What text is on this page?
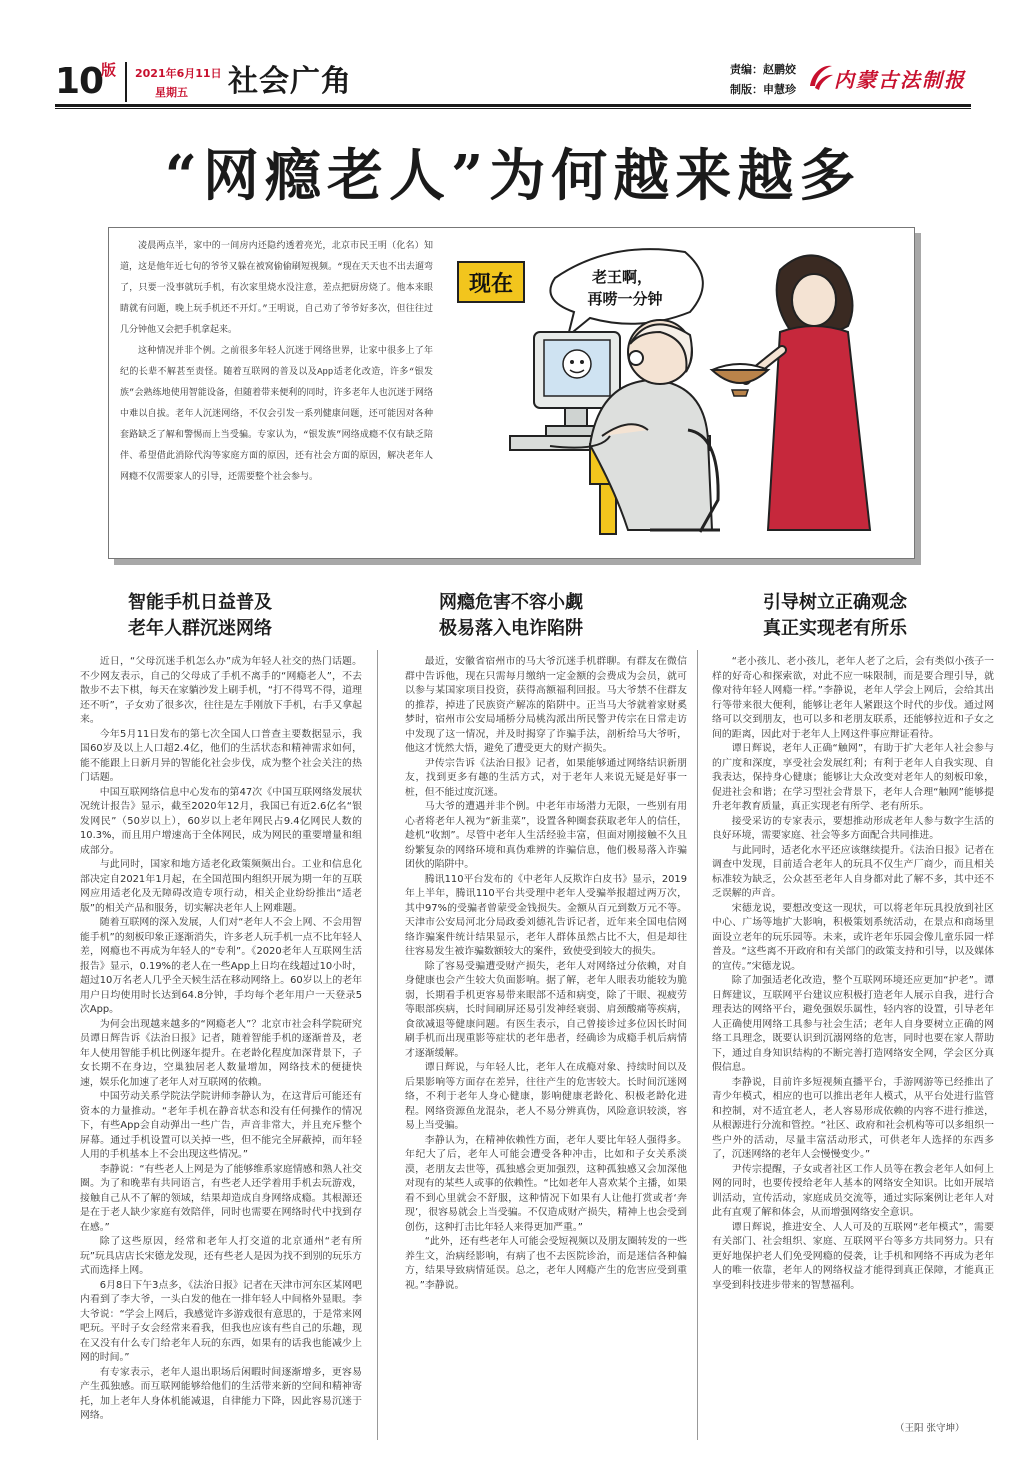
10
版 2021年6月11日
星期五 社会广角	责编：赵鹏姣
制版：申慧珍 内蒙古法制报
“网瘾老人”为何越来越多

凌晨两点半，家中的一间房内还隐约透着亮光，北京市民王明（化名）知道，这是他年近七旬的爷爷又躲在被窝偷偷刷短视频。“现在天天也不出去遛弯了，只要一没事就玩手机，有次家里烧水没注意，差点把厨房烧了。他本来眼睛就有问题，晚上玩手机还不开灯。”王明说，自己劝了爷爷好多次，但往往过几分钟他又会把手机拿起来。

这种情况并非个例。之前很多年轻人沉迷于网络世界，让家中很多上了年纪的长辈不解甚至责怪。随着互联网的普及以及App适老化改造，许多“银发族”会熟练地使用智能设备，但随着带来便利的同时，许多老年人也沉迷于网络中难以自拔。老年人沉迷网络，不仅会引发一系列健康问题，还可能因对各种套路缺乏了解和警惕而上当受骗。专家认为，“银发族”网络成瘾不仅有缺乏陪伴、希望借此消除代沟等家庭方面的原因，还有社会方面的原因，解决老年人网瘾不仅需要家人的引导，还需要整个社会参与。

现在	老王啊，
再唠一分钟
智能手机日益普及
老年人群沉迷网络
网瘾危害不容小觑
极易落入电诈陷阱
引导树立正确观念
真正实现老有所乐

近日，“父母沉迷手机怎么办”成为年轻人社交的热门话题。不少网友表示，自己的父母成了手机不离手的“网瘾老人”，不去散步不去下棋，每天在家躺沙发上刷手机，“打不得骂不得，道理还不听”，子女劝了很多次，往往是左手刚放下手机，右手又拿起来。

今年5月11日发布的第七次全国人口普查主要数据显示，我国60岁及以上人口超2.4亿，他们的生活状态和精神需求如何，能不能跟上日新月异的智能化社会步伐，成为整个社会关注的热门话题。

中国互联网络信息中心发布的第47次《中国互联网络发展状况统计报告》显示，截至2020年12月，我国已有近2.6亿名“银发网民”（50岁以上），60岁以上老年网民占9.4亿网民人数的10.3%，而且用户增速高于全体网民，成为网民的重要增量和组成部分。

与此同时，国家和地方适老化政策频频出台。工业和信息化部决定自2021年1月起，在全国范围内组织开展为期一年的互联网应用适老化及无障碍改造专项行动，相关企业纷纷推出“适老版”的相关产品和服务，切实解决老年人上网难题。

随着互联网的深入发展，人们对“老年人不会上网、不会用智能手机”的刻板印象正逐渐消失，许多老人玩手机一点不比年轻人差，网瘾也不再成为年轻人的“专利”。《2020老年人互联网生活报告》显示，0.19%的老人在一些App上日均在线超过10小时，超过10万名老人几乎全天候生活在移动网络上。60岁以上的老年用户日均使用时长达到64.8分钟，手均每个老年用户一天登录5次App。

为何会出现越来越多的“网瘾老人”？北京市社会科学院研究员谭日辉告诉《法治日报》记者，随着智能手机的逐渐普及，老年人使用智能手机比例逐年提升。在老龄化程度加深背景下，子女长期不在身边，空巢独居老人数量增加，网络技术的便捷快速，娱乐化加速了老年人对互联网的依赖。

中国劳动关系学院法学院讲师李静认为，在这背后可能还有资本的力量推动。“老年手机在静音状态和没有任何操作的情况下，有些App会自动弹出一些广告，声音非常大，并且充斥整个屏幕。通过手机设置可以关掉一些，但不能完全屏蔽掉，而年轻人用的手机基本上不会出现这些情况。”

李静说：“有些老人上网是为了能够维系家庭情感和熟人社交圈。为了和晚辈有共同语言，有些老人还学着用手机去玩游戏，接触自己从不了解的领域，结果却造成自身网络成瘾。其根源还是在于老人缺少家庭有效陪伴，同时也需要在网络时代中找到存在感。”

除了这些原因，经常和老年人打交道的北京通州“老有所玩”玩具店店长宋德龙发现，还有些老人是因为找不到别的玩乐方式而选择上网。

6月8日下午3点多，《法治日报》记者在天津市河东区某网吧内看到了李大爷，一头白发的他在一排年轻人中间格外显眼。李大爷说：“学会上网后，我感觉许多游戏很有意思的，于是常来网吧玩。平时子女会经常来看我，但我也应该有些自己的乐趣，现在又没有什么专门给老年人玩的东西，如果有的话我也能减少上网的时间。”

有专家表示，老年人退出职场后闲暇时间逐渐增多，更容易产生孤独感。而互联网能够给他们的生活带来新的空间和精神寄托，加上老年人身体机能减退，自律能力下降，因此容易沉迷于网络。

最近，安徽省宿州市的马大爷沉迷手机群聊。有群友在微信群中告诉他，现在只需每月缴纳一定金额的会费成为会员，就可以参与某国家项目投资，获得高额福利回报。马大爷禁不住群友的推荐，掉进了民族资产解冻的陷阱中。正当马大爷就着家财奚梦时，宿州市公安局埇桥分局桃沟派出所民警尹传宗在日常走访中发现了这一情况，并及时揭穿了诈骗手法，剖析给马大爷听，他这才恍然大悟，避免了遭受更大的财产损失。

尹传宗告诉《法治日报》记者，如果能够通过网络结识新朋友，找到更多有趣的生活方式，对于老年人来说无疑是好事一桩，但不能过度沉迷。

马大爷的遭遇并非个例。中老年市场潜力无限，一些别有用心者将老年人视为“新韭菜”，设置各种圈套获取老年人的信任，趁机“收割”。尽管中老年人生活经验丰富，但面对刚接触不久且纷繁复杂的网络环境和真伪难辨的诈骗信息，他们极易落入诈骗团伙的陷阱中。

腾讯110平台发布的《中老年人反欺诈白皮书》显示，2019年上半年，腾讯110平台共受理中老年人受骗举报超过两万次，其中97%的受骗者曾蒙受金钱损失。金额从百元到数万元不等。天津市公安局河北分局政委刘德礼告诉记者，近年来全国电信网络诈骗案件统计结果显示，老年人群体虽然占比不大，但是却往往容易发生被诈骗数额较大的案件，致使受到较大的损失。

除了容易受骗遭受财产损失，老年人对网络过分依赖，对自身健康也会产生较大负面影响。据了解，老年人眼表功能较为脆弱，长期看手机更容易带来眼部不适和病变，除了干眼、视疲劳等眼部疾病，长时间刷屏还易引发神经衰弱、肩颈酸痛等疾病，食欲减退等健康问题。有医生表示，自己曾接诊过多位因长时间刷手机而出现重影等症状的老年患者，经确诊为成瘾手机后病情才逐渐缓解。

谭日辉说，与年轻人比，老年人在成瘾对象、持续时间以及后果影响等方面存在差异，往往产生的危害较大。长时间沉迷网络，不利于老年人身心健康，影响健康老龄化、积极老龄化进程。网络资源鱼龙混杂，老人不易分辨真伪，风险意识较淡，容易上当受骗。

李静认为，在精神依赖性方面，老年人要比年轻人强得多。年纪大了后，老年人可能会遭受各种冲击，比如和子女关系淡漠，老朋友去世等，孤独感会更加强烈，这种孤独感又会加深他对现有的某些人或事的依赖性。“比如老年人喜欢某个主播，如果看不到心里就会不舒服，这种情况下如果有人让他打赏或者‘奔现’，很容易就会上当受骗。不仅造成财产损失，精神上也会受到创伤，这种打击比年轻人来得更加严重。”

“此外，还有些老年人可能会受短视频以及朋友圈转发的一些养生文，治病经影响，有病了也不去医院诊治，而是迷信各种偏方，结果导致病情延误。总之，老年人网瘾产生的危害应受到重视。”李静说。

“老小孩儿、老小孩儿，老年人老了之后，会有类似小孩子一样的好奇心和探索欲，对此不应一味限制，而是要合理引导，就像对待年轻人网瘾一样。”李静说，老年人学会上网后，会给其出行等带来很大便利，能够让老年人紧跟这个时代的步伐。通过网络可以交到朋友，也可以多和老朋友联系，还能够拉近和子女之间的距离，因此对于老年人上网这件事应辩证看待。

谭日辉说，老年人正确“触网”，有助于扩大老年人社会参与的广度和深度，享受社会发展红利；有利于老年人自我实现、自我表达，保持身心健康；能够让大众改变对老年人的刻板印象，促进社会和谐；在学习型社会背景下，老年人合理“触网”能够提升老年教育质量，真正实现老有所学、老有所乐。

接受采访的专家表示，要想推动形成老年人参与数字生活的良好环境，需要家庭、社会等多方面配合共同推进。

与此同时，适老化水平还应该继续提升。《法治日报》记者在调查中发现，目前适合老年人的玩具不仅生产厂商少，而且相关标准较为缺乏，公众甚至老年人自身都对此了解不多，其中还不乏误解的声音。

宋德龙说，要想改变这一现状，可以将老年玩具投放到社区中心、广场等地扩大影响，积极策划系统活动，在景点和商场里面设立老年的玩乐园等。未来，或许老年乐园会像儿童乐园一样普及。“这些离不开政府和有关部门的政策支持和引导，以及媒体的宣传。”宋德龙说。

除了加强适老化改造，整个互联网环境还应更加“护老”。谭日辉建议，互联网平台建议应积极打造老年人展示自我，进行合理表达的网络平台，避免强娱乐属性，轻内容的设置，引导老年人正确使用网络工具参与社会生活；老年人自身要树立正确的网络工具理念，既要认识到沉溺网络的危害，同时也要在家人帮助下，通过自身知识结构的不断完善打造网络安全网，学会区分真假信息。

李静说，目前许多短视频直播平台，手游网游等已经推出了青少年模式，相应的也可以推出老年人模式，从平台处进行监管和控制，对不适宜老人，老人容易形成依赖的内容不进行推送，从根源进行分流和管控。“社区、政府和社会机构等可以多组织一些户外的活动，尽量丰富活动形式，可供老年人选择的东西多了，沉迷网络的老年人会慢慢变少。”

尹传宗提醒，子女或者社区工作人员等在教会老年人如何上网的同时，也要传授给老年人基本的网络安全知识。比如开展培训活动，宣传活动，家庭成员交流等，通过实际案例让老年人对此有直观了解和体会，从而增强网络安全意识。

谭日辉说，推进安全、人人可及的互联网“老年模式”，需要有关部门、社会组织、家庭、互联网平台等多方共同努力。只有更好地保护老人们免受网瘾的侵袭，让手机和网络不再成为老年人的唯一依靠，老年人的网络权益才能得到真正保障，才能真正享受到科技进步带来的智慧福利。

（王阳 张守坤）
